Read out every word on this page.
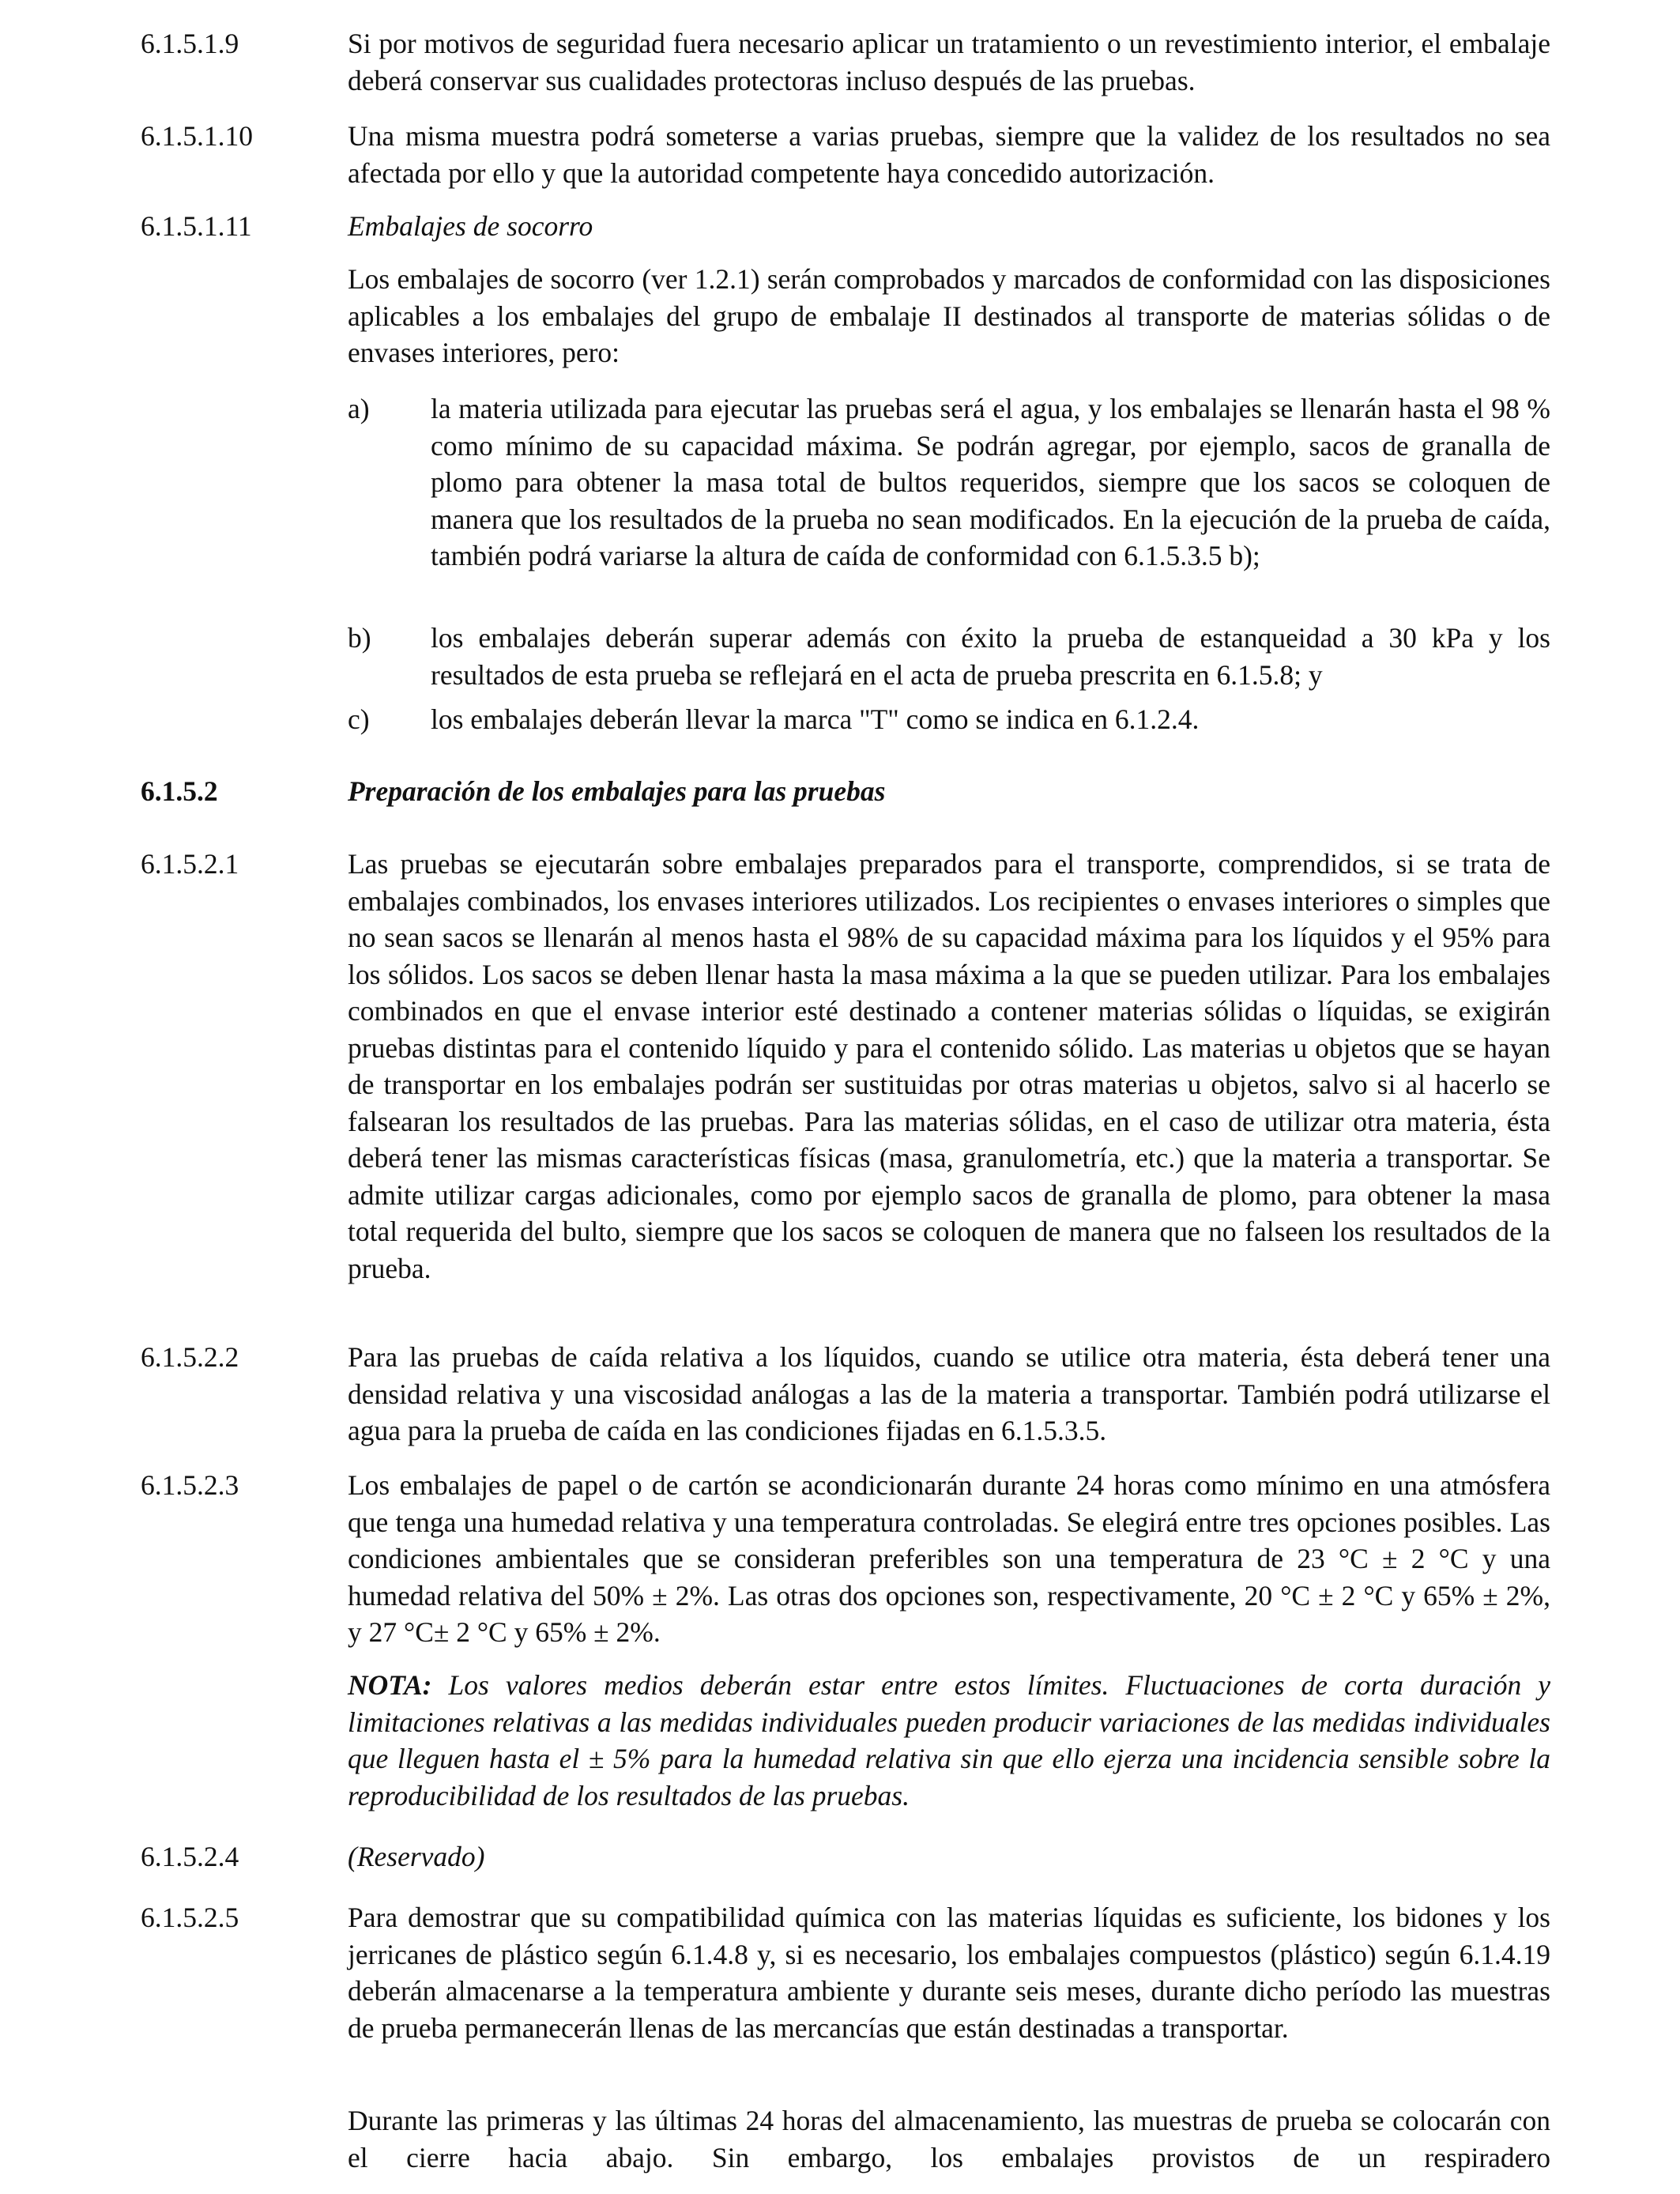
6.1.5.1.9	Si por motivos de seguridad fuera necesario aplicar un tratamiento o un revestimiento interior, el embalaje deberá conservar sus cualidades protectoras incluso después de las pruebas.
6.1.5.1.10	Una misma muestra podrá someterse a varias pruebas, siempre que la validez de los resultados no sea afectada por ello y que la autoridad competente haya concedido autorización.
6.1.5.1.11	Embalajes de socorro
Los embalajes de socorro (ver 1.2.1) serán comprobados y marcados de conformidad con las disposiciones aplicables a los embalajes del grupo de embalaje II destinados al transporte de materias sólidas o de envases interiores, pero:
a)	la materia utilizada para ejecutar las pruebas será el agua, y los embalajes se llenarán hasta el 98 % como mínimo de su capacidad máxima. Se podrán agregar, por ejemplo, sacos de granalla de plomo para obtener la masa total de bultos requeridos, siempre que los sacos se coloquen de manera que los resultados de la prueba no sean modificados. En la ejecución de la prueba de caída, también podrá variarse la altura de caída de conformidad con 6.1.5.3.5 b);
b)	los embalajes deberán superar además con éxito la prueba de estanqueidad a 30 kPa y los resultados de esta prueba se reflejará en el acta de prueba prescrita en 6.1.5.8; y
c)	los embalajes deberán llevar la marca "T" como se indica en 6.1.2.4.
6.1.5.2	Preparación de los embalajes para las pruebas
6.1.5.2.1	Las pruebas se ejecutarán sobre embalajes preparados para el transporte, comprendidos, si se trata de embalajes combinados, los envases interiores utilizados. Los recipientes o envases interiores o simples que no sean sacos se llenarán al menos hasta el 98% de su capacidad máxima para los líquidos y el 95% para los sólidos. Los sacos se deben llenar hasta la masa máxima a la que se pueden utilizar. Para los embalajes combinados en que el envase interior esté destinado a contener materias sólidas o líquidas, se exigirán pruebas distintas para el contenido líquido y para el contenido sólido. Las materias u objetos que se hayan de transportar en los embalajes podrán ser sustituidas por otras materias u objetos, salvo si al hacerlo se falsearan los resultados de las pruebas. Para las materias sólidas, en el caso de utilizar otra materia, ésta deberá tener las mismas características físicas (masa, granulometría, etc.) que la materia a transportar. Se admite utilizar cargas adicionales, como por ejemplo sacos de granalla de plomo, para obtener la masa total requerida del bulto, siempre que los sacos se coloquen de manera que no falseen los resultados de la prueba.
6.1.5.2.2	Para las pruebas de caída relativa a los líquidos, cuando se utilice otra materia, ésta deberá tener una densidad relativa y una viscosidad análogas a las de la materia a transportar. También podrá utilizarse el agua para la prueba de caída en las condiciones fijadas en 6.1.5.3.5.
6.1.5.2.3	Los embalajes de papel o de cartón se acondicionarán durante 24 horas como mínimo en una atmósfera que tenga una humedad relativa y una temperatura controladas. Se elegirá entre tres opciones posibles. Las condiciones ambientales que se consideran preferibles son una temperatura de 23 °C ± 2 °C y una humedad relativa del 50% ± 2%. Las otras dos opciones son, respectivamente, 20 °C ± 2 °C y 65% ± 2%, y 27 °C± 2 °C y 65% ± 2%.
NOTA: Los valores medios deberán estar entre estos límites. Fluctuaciones de corta duración y limitaciones relativas a las medidas individuales pueden producir variaciones de las medidas individuales que lleguen hasta el ± 5% para la humedad relativa sin que ello ejerza una incidencia sensible sobre la reproducibilidad de los resultados de las pruebas.
6.1.5.2.4	(Reservado)
6.1.5.2.5	Para demostrar que su compatibilidad química con las materias líquidas es suficiente, los bidones y los jerricanes de plástico según 6.1.4.8 y, si es necesario, los embalajes compuestos (plástico) según 6.1.4.19 deberán almacenarse a la temperatura ambiente y durante seis meses, durante dicho período las muestras de prueba permanecerán llenas de las mercancías que están destinadas a transportar.
Durante las primeras y las últimas 24 horas del almacenamiento, las muestras de prueba se colocarán con el cierre hacia abajo. Sin embargo, los embalajes provistos de un respiradero
